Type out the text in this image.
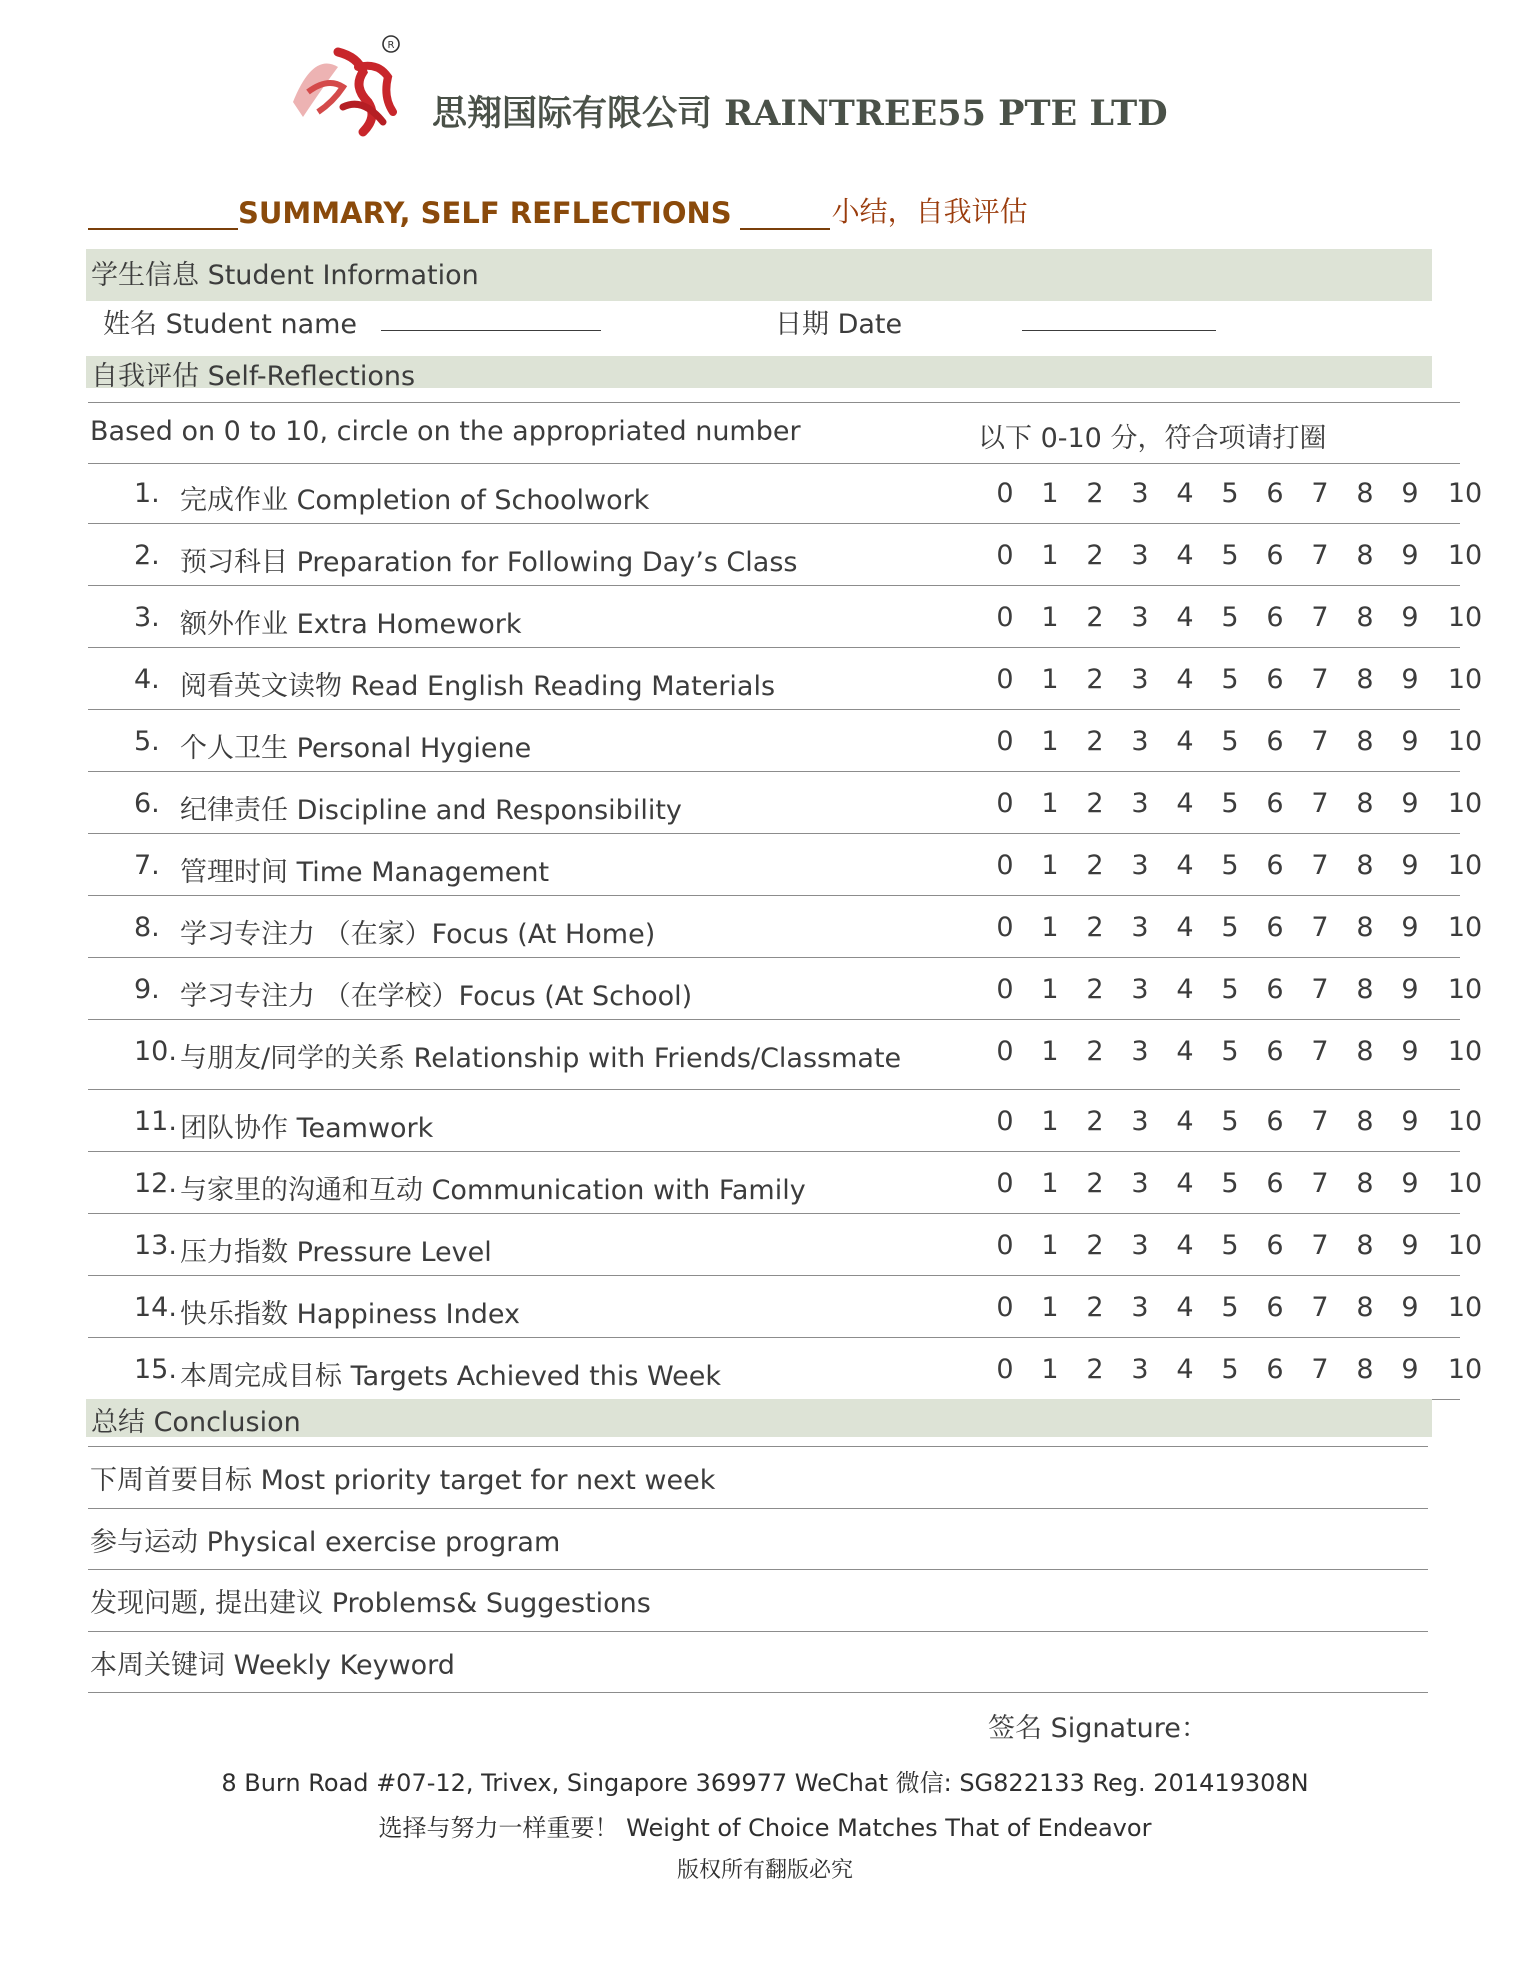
R
思翔国际有限公司 RAINTREE55 PTE LTD
SUMMARY, SELF REFLECTIONS	小结，自我评估
学生信息 Student Information
姓名 Student name	日期 Date
自我评估 Self-Reflections
Based on 0 to 10, circle on the appropriated number	以下 0-10 分，符合项请打圈
1. 完成作业 Completion of Schoolwork	0	1	2	3	4	5	6	7	8	9	10
2. 预习科目 Preparation for Following Day’s Class	0	1	2	3	4	5	6	7	8	9	10
3. 额外作业 Extra Homework	0	1	2	3	4	5	6	7	8	9	10
4. 阅看英文读物 Read English Reading Materials	0	1	2	3	4	5	6	7	8	9	10
5. 个人卫生 Personal Hygiene	0	1	2	3	4	5	6	7	8	9	10
6. 纪律责任 Discipline and Responsibility	0	1	2	3	4	5	6	7	8	9	10
7. 管理时间 Time Management	0	1	2	3	4	5	6	7	8	9	10
8. 学习专注力 （在家）Focus (At Home)	0	1	2	3	4	5	6	7	8	9	10
9. 学习专注力 （在学校）Focus (At School)	0	1	2	3	4	5	6	7	8	9	10
10. 与朋友/同学的关系 Relationship with Friends/Classmate	0	1	2	3	4	5	6	7	8	9	10
11. 团队协作 Teamwork	0	1	2	3	4	5	6	7	8	9	10
12. 与家里的沟通和互动 Communication with Family	0	1	2	3	4	5	6	7	8	9	10
13. 压力指数 Pressure Level	0	1	2	3	4	5	6	7	8	9	10
14. 快乐指数 Happiness Index	0	1	2	3	4	5	6	7	8	9	10
15. 本周完成目标 Targets Achieved this Week	0	1	2	3	4	5	6	7	8	9	10
总结 Conclusion
下周首要目标 Most priority target for next week
参与运动 Physical exercise program
发现问题, 提出建议 Problems& Suggestions
本周关键词 Weekly Keyword
签名 Signature：
8 Burn Road #07-12, Trivex, Singapore 369977 WeChat 微信: SG822133 Reg. 201419308N
选择与努力一样重要！ Weight of Choice Matches That of Endeavor
版权所有翻版必究
